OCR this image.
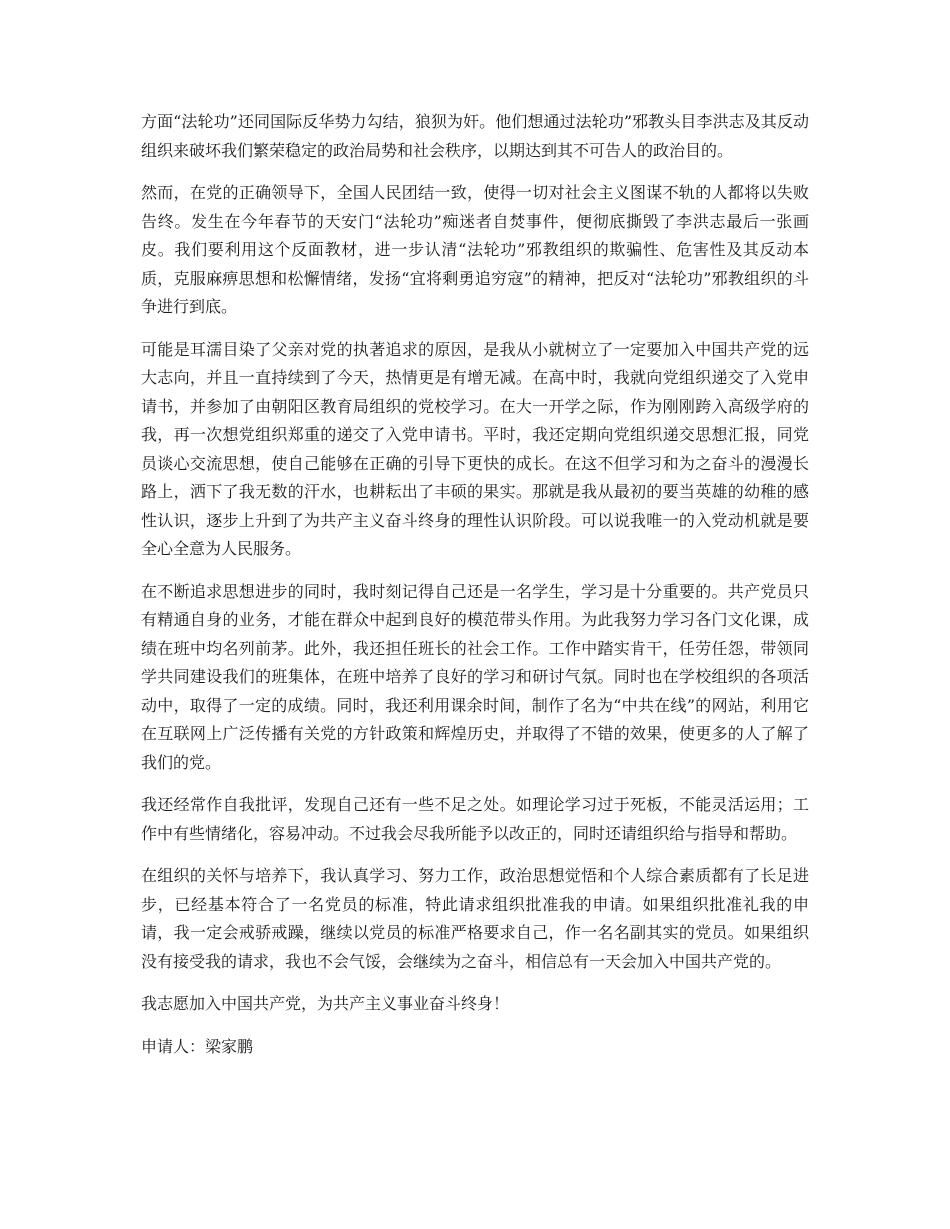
方面“法轮功”还同国际反华势力勾结，狼狈为奸。他们想通过法轮功”邪教头目李洪志及其反动组织来破坏我们繁荣稳定的政治局势和社会秩序，以期达到其不可告人的政治目的。

然而，在党的正确领导下，全国人民团结一致，使得一切对社会主义图谋不轨的人都将以失败告终。发生在今年春节的天安门“法轮功”痴迷者自焚事件，便彻底撕毁了李洪志最后一张画皮。我们要利用这个反面教材，进一步认清“法轮功”邪教组织的欺骗性、危害性及其反动本质，克服麻痹思想和松懈情绪，发扬“宜将剩勇追穷寇”的精神，把反对“法轮功”邪教组织的斗争进行到底。

可能是耳濡目染了父亲对党的执著追求的原因，是我从小就树立了一定要加入中国共产党的远大志向，并且一直持续到了今天，热情更是有增无减。在高中时，我就向党组织递交了入党申请书，并参加了由朝阳区教育局组织的党校学习。在大一开学之际，作为刚刚跨入高级学府的我，再一次想党组织郑重的递交了入党申请书。平时，我还定期向党组织递交思想汇报，同党员谈心交流思想，使自己能够在正确的引导下更快的成长。在这不但学习和为之奋斗的漫漫长路上，洒下了我无数的汗水，也耕耘出了丰硕的果实。那就是我从最初的要当英雄的幼稚的感性认识，逐步上升到了为共产主义奋斗终身的理性认识阶段。可以说我唯一的入党动机就是要全心全意为人民服务。

在不断追求思想进步的同时，我时刻记得自己还是一名学生，学习是十分重要的。共产党员只有精通自身的业务，才能在群众中起到良好的模范带头作用。为此我努力学习各门文化课，成绩在班中均名列前茅。此外，我还担任班长的社会工作。工作中踏实肯干，任劳任怨，带领同学共同建设我们的班集体，在班中培养了良好的学习和研讨气氛。同时也在学校组织的各项活动中，取得了一定的成绩。同时，我还利用课余时间，制作了名为“中共在线”的网站，利用它在互联网上广泛传播有关党的方针政策和辉煌历史，并取得了不错的效果，使更多的人了解了我们的党。

我还经常作自我批评，发现自己还有一些不足之处。如理论学习过于死板，不能灵活运用；工作中有些情绪化，容易冲动。不过我会尽我所能予以改正的，同时还请组织给与指导和帮助。

在组织的关怀与培养下，我认真学习、努力工作，政治思想觉悟和个人综合素质都有了长足进步，已经基本符合了一名党员的标准，特此请求组织批准我的申请。如果组织批准礼我的申请，我一定会戒骄戒躁，继续以党员的标准严格要求自己，作一名名副其实的党员。如果组织没有接受我的请求，我也不会气馁，会继续为之奋斗，相信总有一天会加入中国共产党的。

我志愿加入中国共产党，为共产主义事业奋斗终身！

申请人：梁家鹏
